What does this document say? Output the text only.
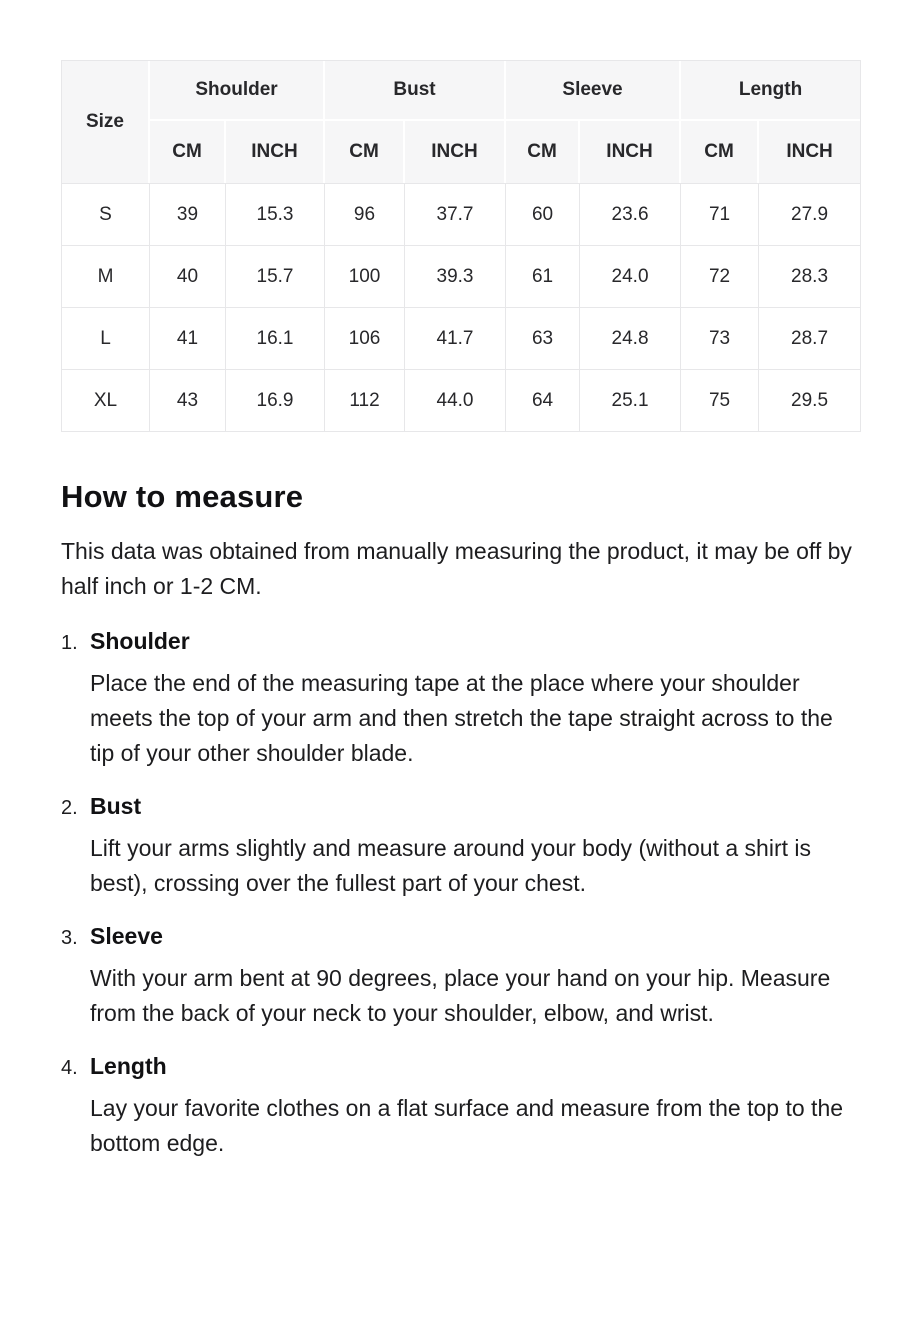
Size	Shoulder		Bust		Sleeve		Length	
	CM	INCH	CM	INCH	CM	INCH	CM	INCH
S	39	15.3	96	37.7	60	23.6	71	27.9
M	40	15.7	100	39.3	61	24.0	72	28.3
L	41	16.1	106	41.7	63	24.8	73	28.7
XL	43	16.9	112	44.0	64	25.1	75	29.5
How to measure

This data was obtained from manually measuring the product, it may be off by half inch or 1-2 CM.

1. Shoulder

Place the end of the measuring tape at the place where your shoulder meets the top of your arm and then stretch the tape straight across to the tip of your other shoulder blade.

2. Bust

Lift your arms slightly and measure around your body (without a shirt is best), crossing over the fullest part of your chest.

3. Sleeve

With your arm bent at 90 degrees, place your hand on your hip. Measure from the back of your neck to your shoulder, elbow, and wrist.

4. Length

Lay your favorite clothes on a flat surface and measure from the top to the bottom edge.
